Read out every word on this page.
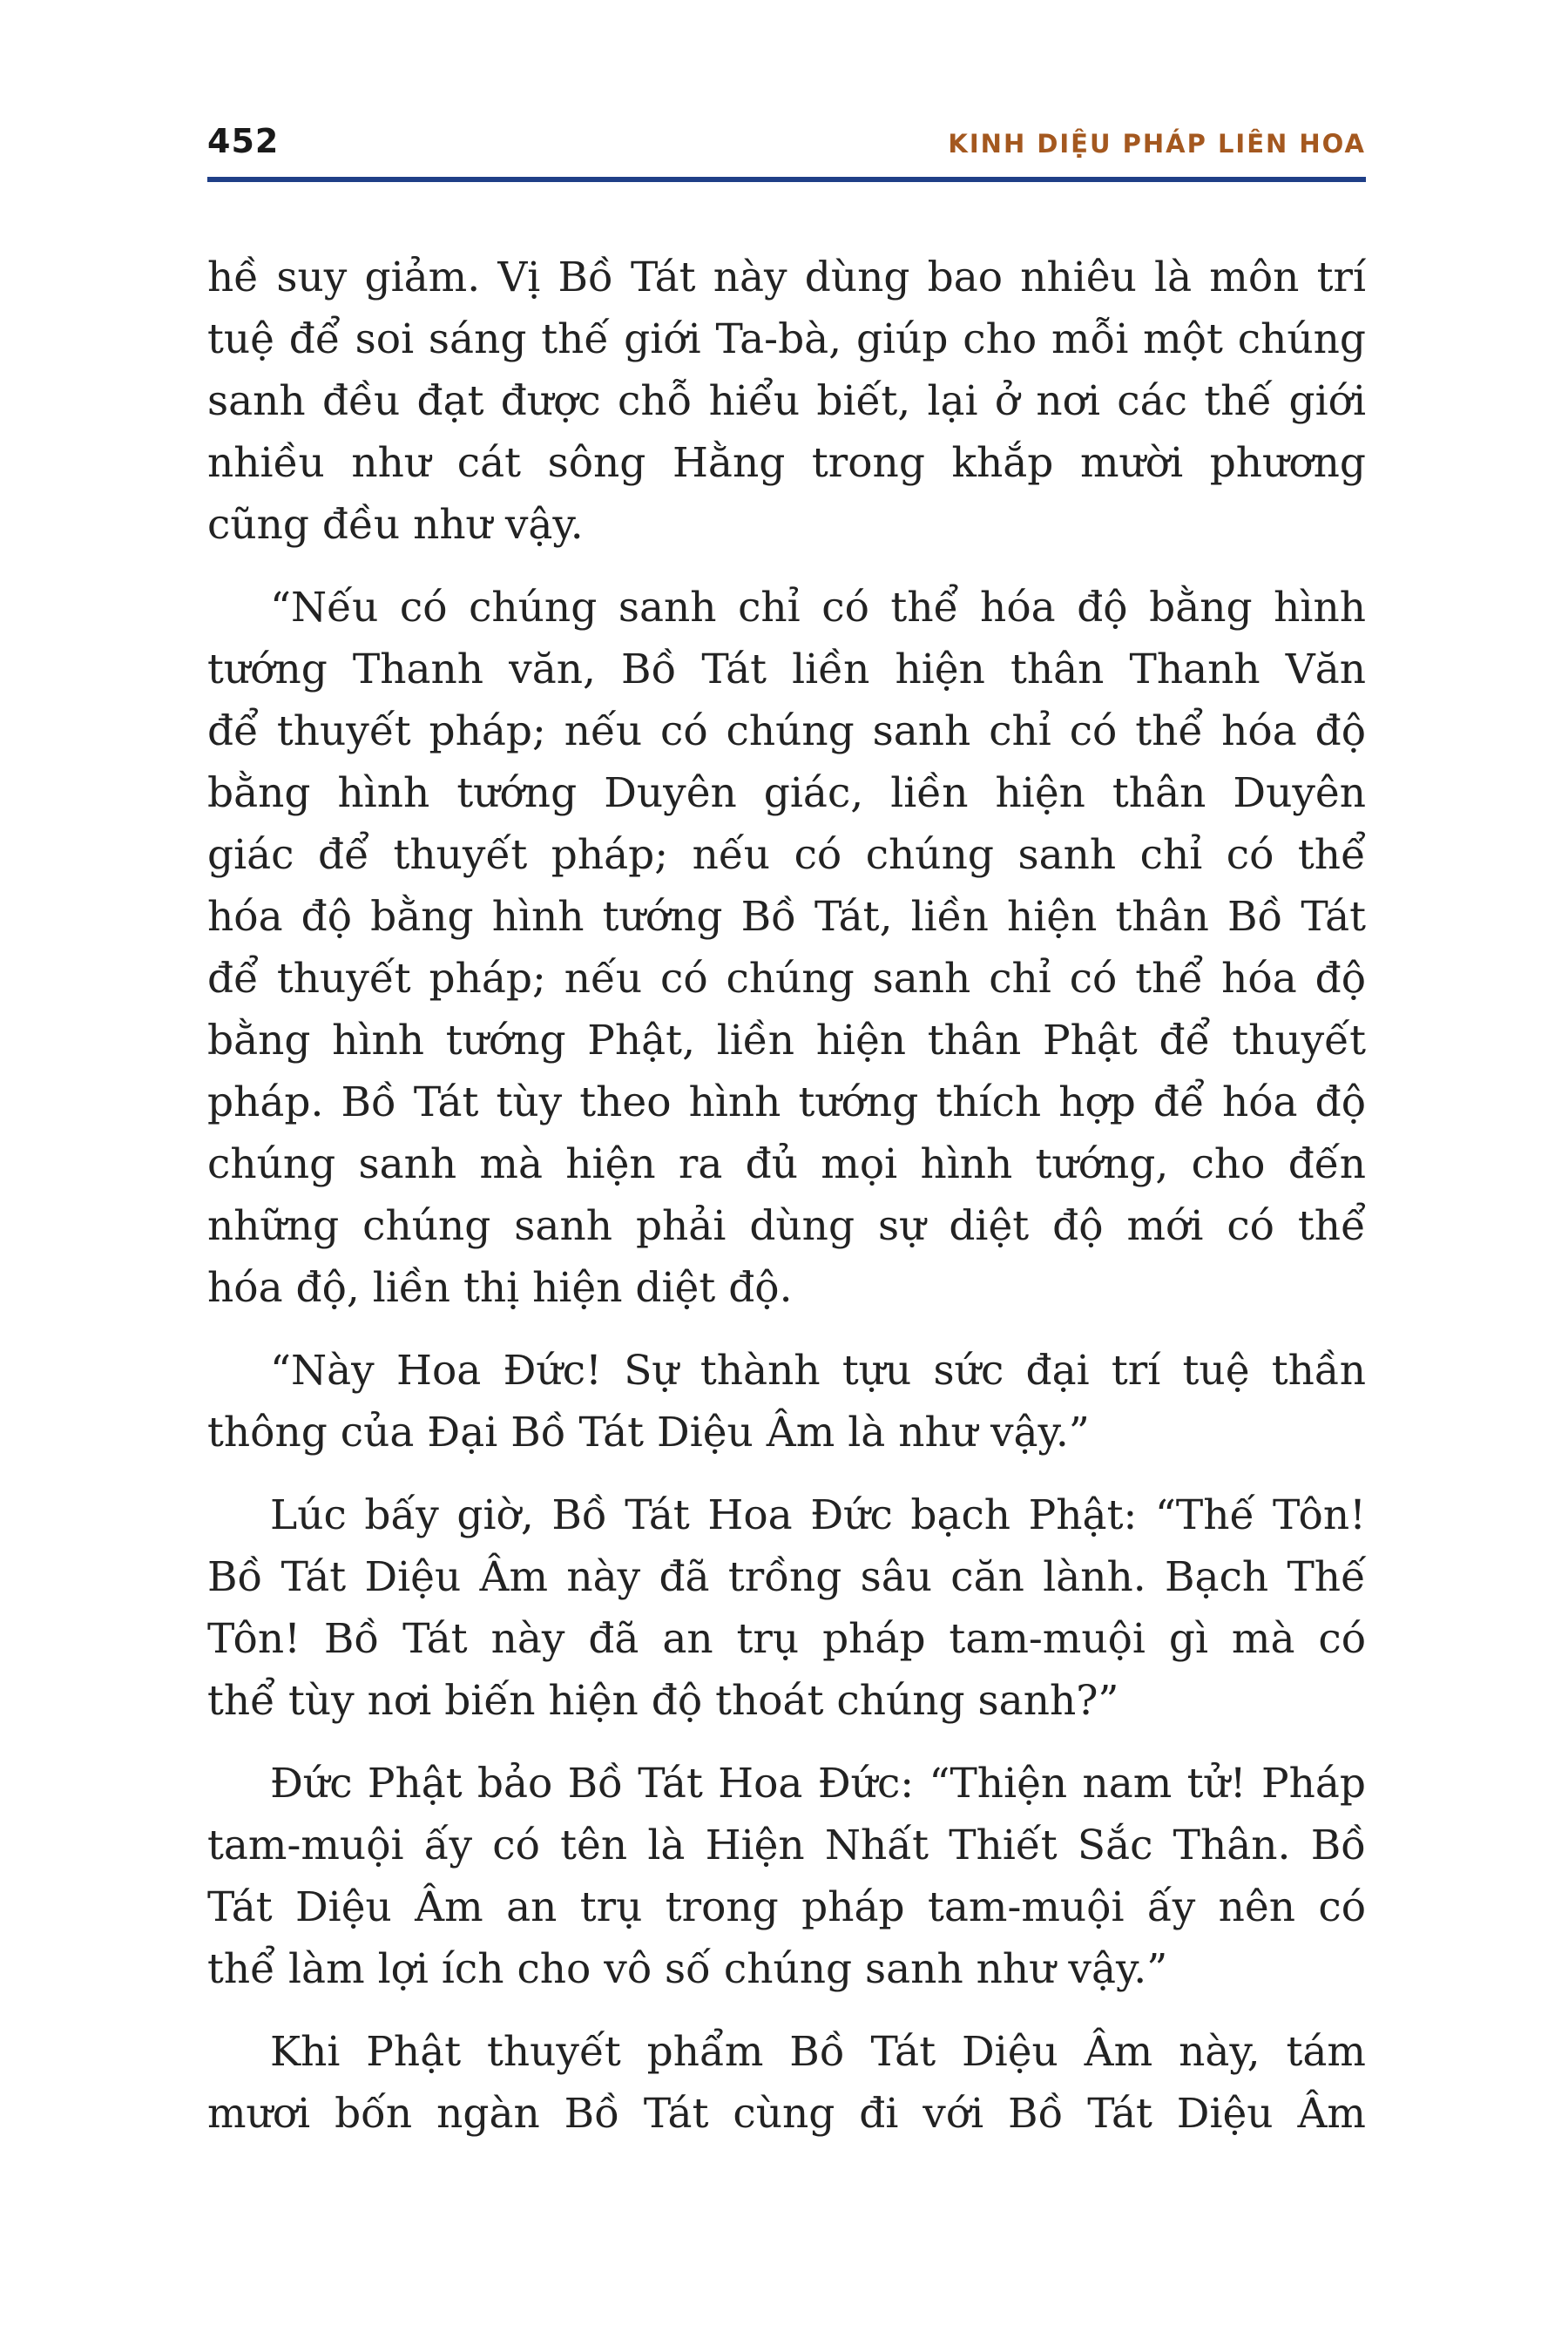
452	KINH DIỆU PHÁP LIÊN HOA

hề suy giảm. Vị Bồ Tát này dùng bao nhiêu là môn trí
tuệ để soi sáng thế giới Ta-bà, giúp cho mỗi một chúng
sanh đều đạt được chỗ hiểu biết, lại ở nơi các thế giới
nhiều như cát sông Hằng trong khắp mười phương
cũng đều như vậy.

“Nếu có chúng sanh chỉ có thể hóa độ bằng hình
tướng Thanh văn, Bồ Tát liền hiện thân Thanh Văn
để thuyết pháp; nếu có chúng sanh chỉ có thể hóa độ
bằng hình tướng Duyên giác, liền hiện thân Duyên
giác để thuyết pháp; nếu có chúng sanh chỉ có thể
hóa độ bằng hình tướng Bồ Tát, liền hiện thân Bồ Tát
để thuyết pháp; nếu có chúng sanh chỉ có thể hóa độ
bằng hình tướng Phật, liền hiện thân Phật để thuyết
pháp. Bồ Tát tùy theo hình tướng thích hợp để hóa độ
chúng sanh mà hiện ra đủ mọi hình tướng, cho đến
những chúng sanh phải dùng sự diệt độ mới có thể
hóa độ, liền thị hiện diệt độ.

“Này Hoa Đức! Sự thành tựu sức đại trí tuệ thần
thông của Đại Bồ Tát Diệu Âm là như vậy.”

Lúc bấy giờ, Bồ Tát Hoa Đức bạch Phật: “Thế Tôn!
Bồ Tát Diệu Âm này đã trồng sâu căn lành. Bạch Thế
Tôn! Bồ Tát này đã an trụ pháp tam-muội gì mà có
thể tùy nơi biến hiện độ thoát chúng sanh?”

Đức Phật bảo Bồ Tát Hoa Đức: “Thiện nam tử! Pháp
tam-muội ấy có tên là Hiện Nhất Thiết Sắc Thân. Bồ
Tát Diệu Âm an trụ trong pháp tam-muội ấy nên có
thể làm lợi ích cho vô số chúng sanh như vậy.”

Khi Phật thuyết phẩm Bồ Tát Diệu Âm này, tám
mươi bốn ngàn Bồ Tát cùng đi với Bồ Tát Diệu Âm
